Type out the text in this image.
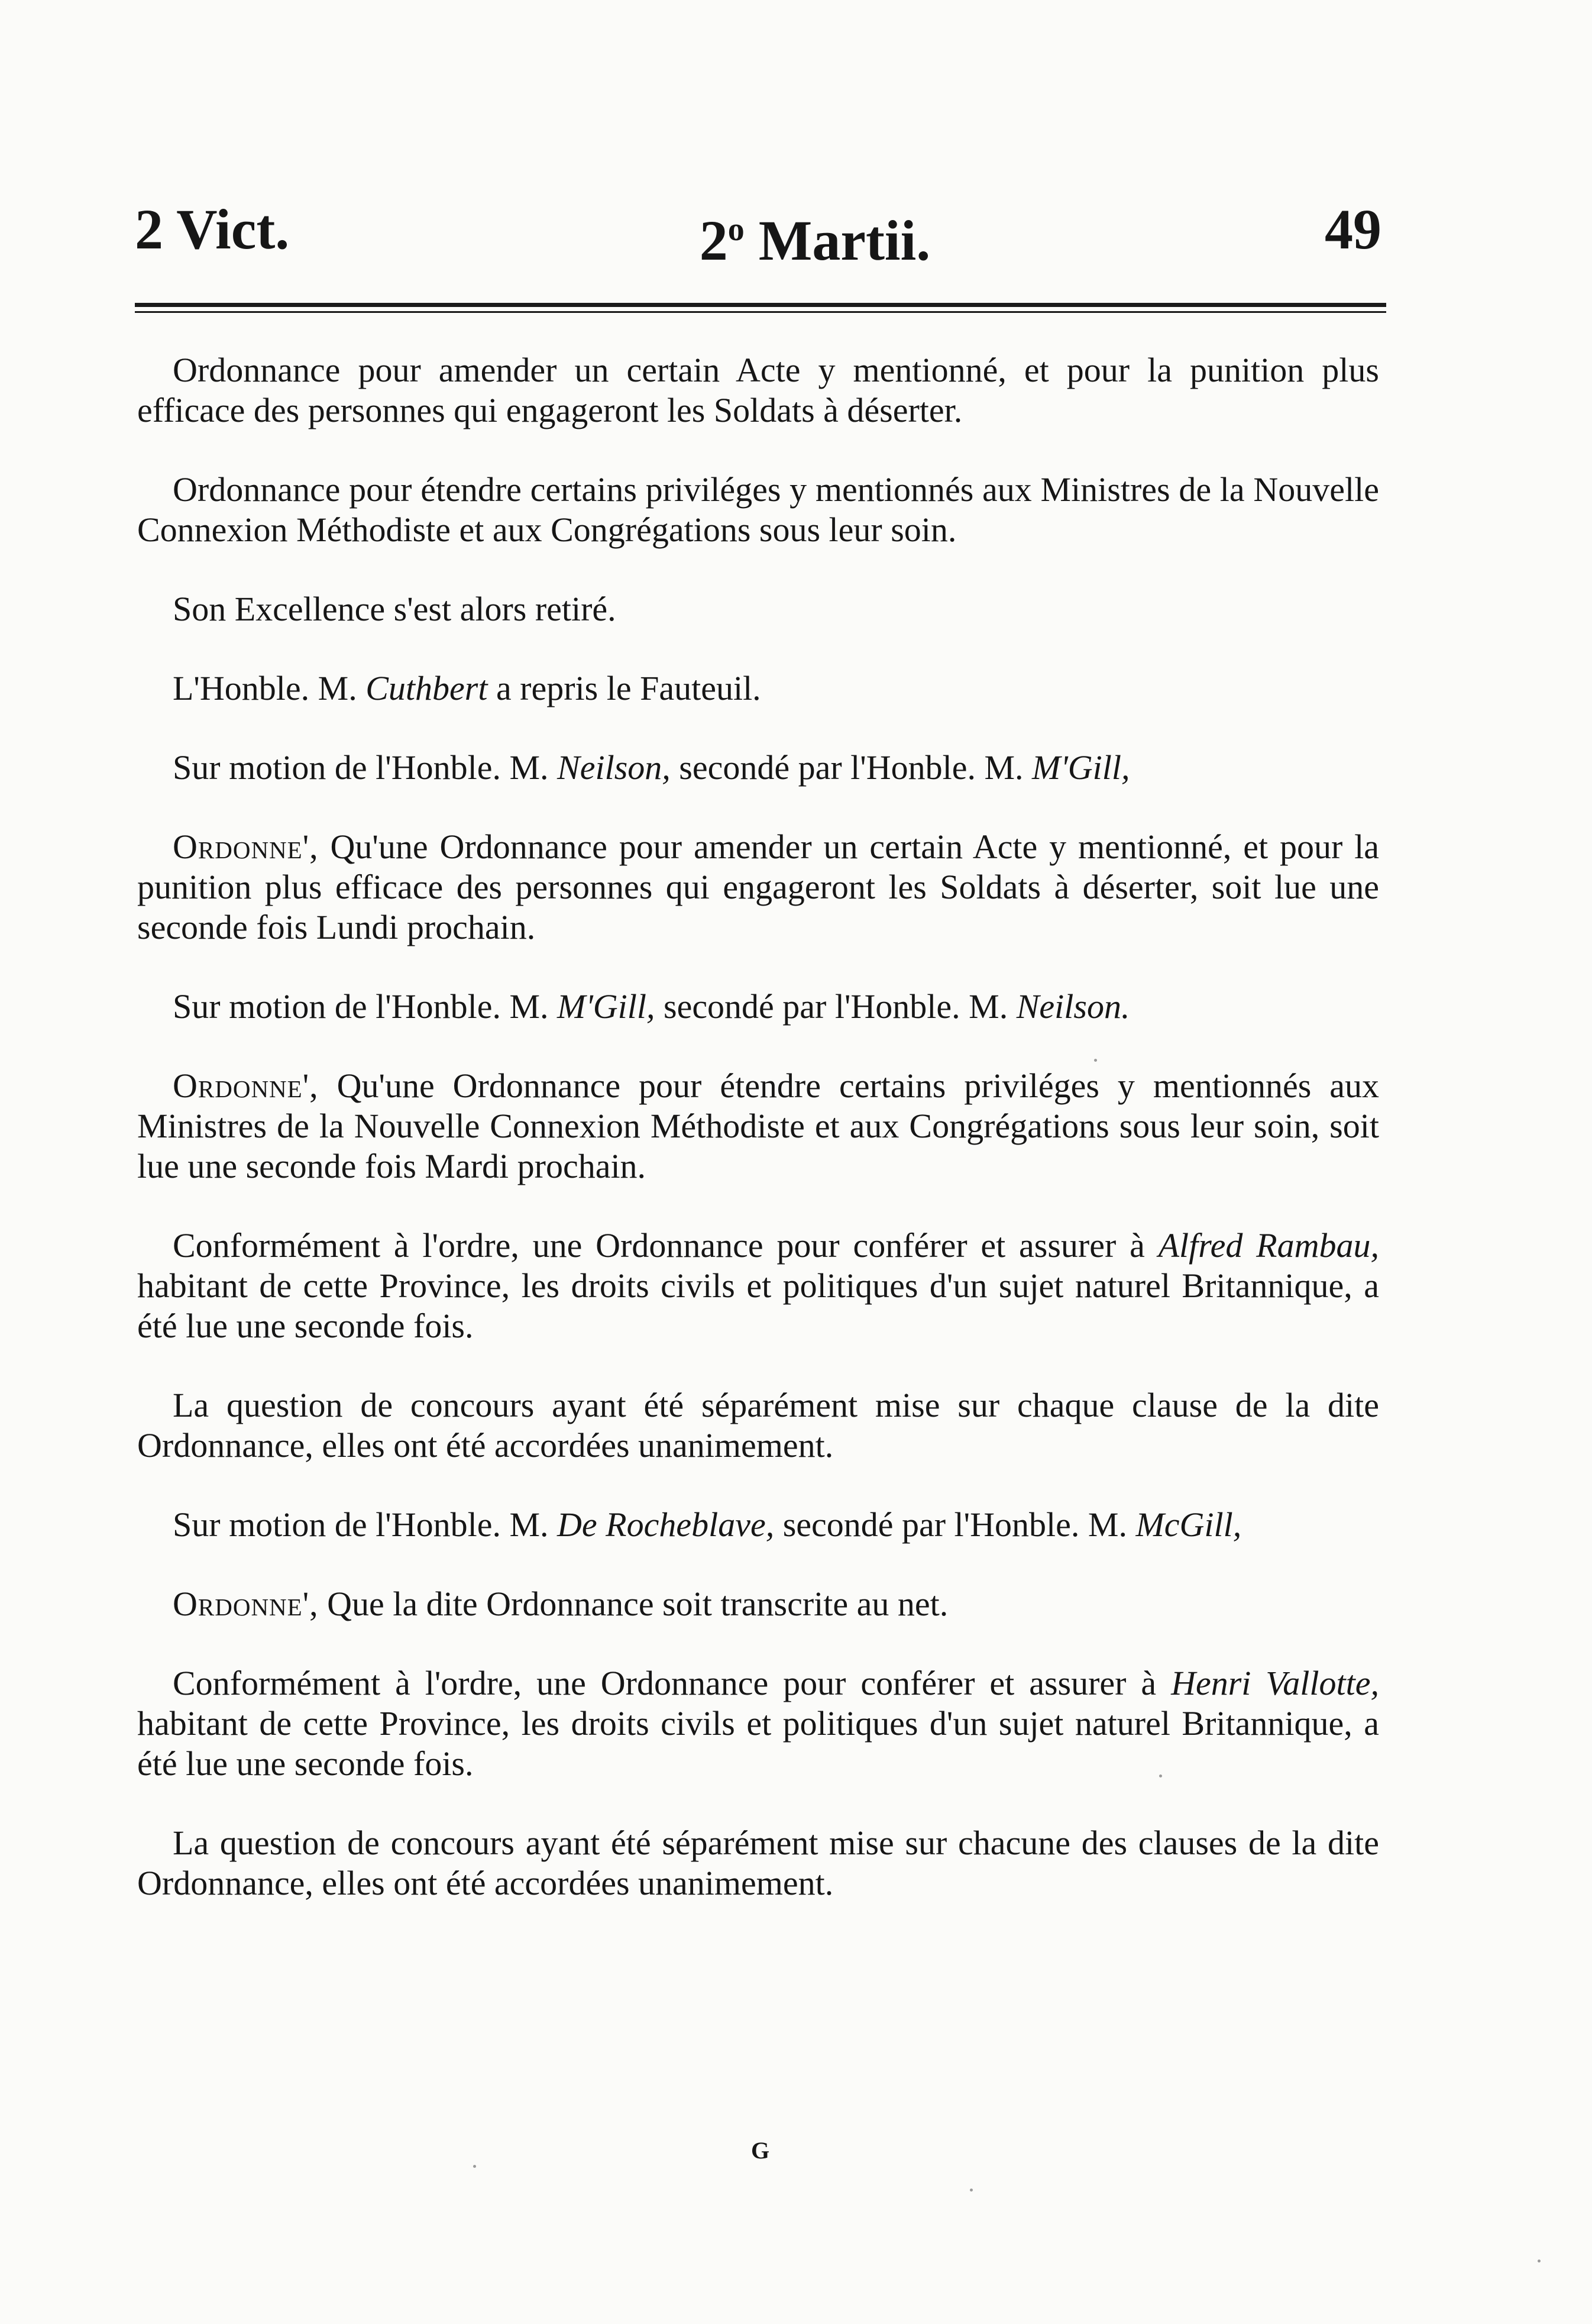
2 Vict.	2$^o$ Martii.	49

Ordonnance pour amender un certain Acte y mentionné, et pour la punition plus efficace des personnes qui engageront les Soldats à déserter.

Ordonnance pour étendre certains priviléges y mentionnés aux Ministres de la Nouvelle Connexion Méthodiste et aux Congrégations sous leur soin.

Son Excellence s'est alors retiré.

L'Honble. M. Cuthbert a repris le Fauteuil.

Sur motion de l'Honble. M. Neilson, secondé par l'Honble. M. M'Gill,

Ordonne', Qu'une Ordonnance pour amender un certain Acte y mentionné, et pour la punition plus efficace des personnes qui engageront les Soldats à déserter, soit lue une seconde fois Lundi prochain.

Sur motion de l'Honble. M. M'Gill, secondé par l'Honble. M. Neilson.

Ordonne', Qu'une Ordonnance pour étendre certains priviléges y mentionnés aux Ministres de la Nouvelle Connexion Méthodiste et aux Congrégations sous leur soin, soit lue une seconde fois Mardi prochain.

Conformément à l'ordre, une Ordonnance pour conférer et assurer à Alfred Rambau, habitant de cette Province, les droits civils et politiques d'un sujet naturel Britannique, a été lue une seconde fois.

La question de concours ayant été séparément mise sur chaque clause de la dite Ordonnance, elles ont été accordées unanimement.

Sur motion de l'Honble. M. De Rocheblave, secondé par l'Honble. M. McGill,

Ordonne', Que la dite Ordonnance soit transcrite au net.

Conformément à l'ordre, une Ordonnance pour conférer et assurer à Henri Vallotte, habitant de cette Province, les droits civils et politiques d'un sujet naturel Britannique, a été lue une seconde fois.

La question de concours ayant été séparément mise sur chacune des clauses de la dite Ordonnance, elles ont été accordées unanimement.

G
